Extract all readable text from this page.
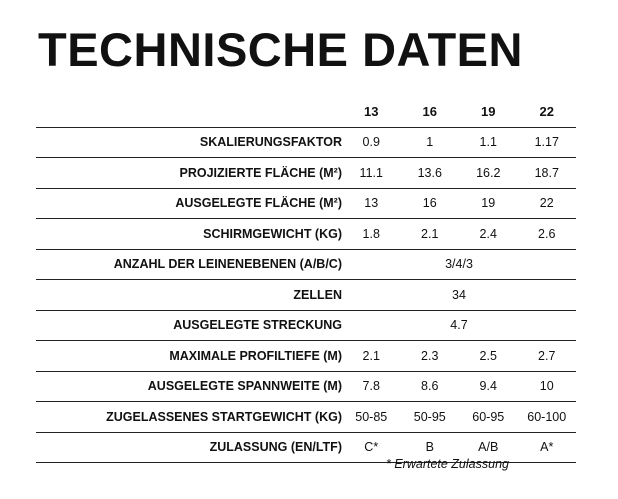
TECHNISCHE DATEN
	13	16	19	22
SKALIERUNGSFAKTOR	0.9	1	1.1	1.17
PROJIZIERTE FLÄCHE (M²)	11.1	13.6	16.2	18.7
AUSGELEGTE FLÄCHE (M²)	13	16	19	22
SCHIRMGEWICHT (KG)	1.8	2.1	2.4	2.6
ANZAHL DER LEINENEBENEN (A/B/C)	3/4/3			
ZELLEN	34			
AUSGELEGTE STRECKUNG	4.7			
MAXIMALE PROFILTIEFE (M)	2.1	2.3	2.5	2.7
AUSGELEGTE SPANNWEITE (M)	7.8	8.6	9.4	10
ZUGELASSENES STARTGEWICHT (KG)	50-85	50-95	60-95	60-100
ZULASSUNG (EN/LTF)	C*	B	A/B	A*
* Erwartete Zulassung
